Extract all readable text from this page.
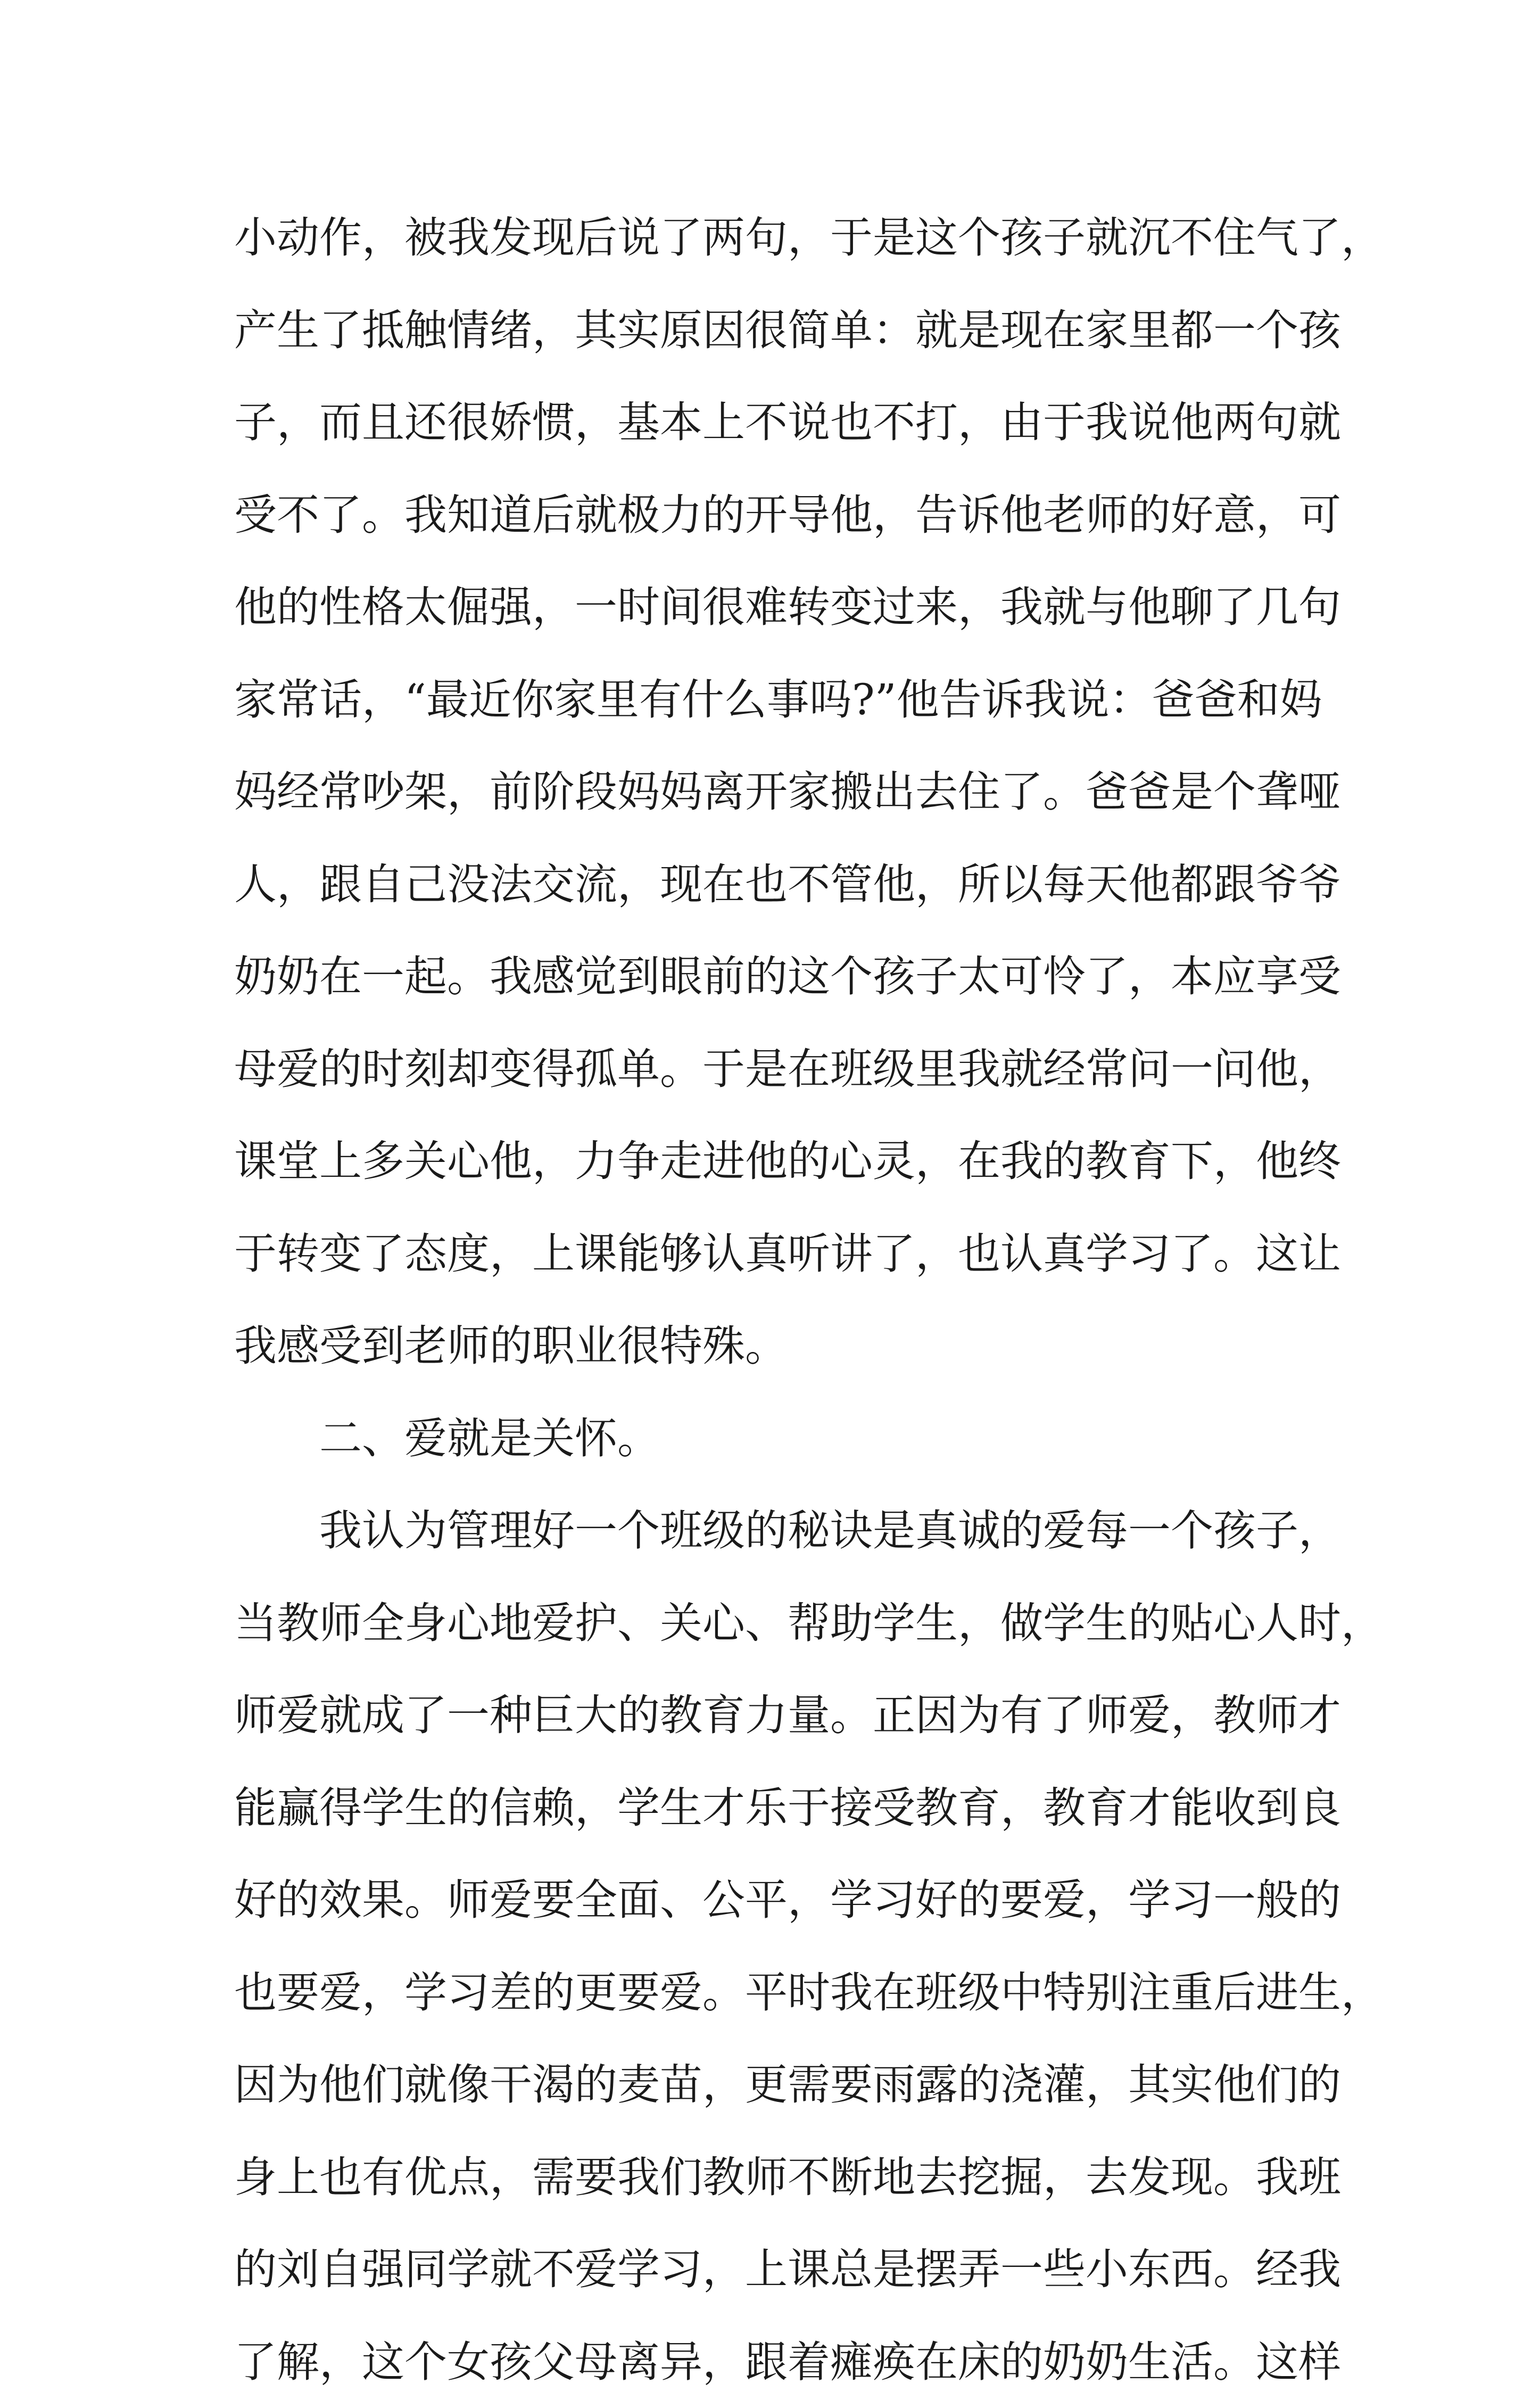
小动作，被我发现后说了两句，于是这个孩子就沉不住气了，
产生了抵触情绪，其实原因很简单：就是现在家里都一个孩
子，而且还很娇惯，基本上不说也不打，由于我说他两句就
受不了。我知道后就极力的开导他，告诉他老师的好意，可
他的性格太倔强，一时间很难转变过来，我就与他聊了几句
家常话，“最近你家里有什么事吗?”他告诉我说：爸爸和妈
妈经常吵架，前阶段妈妈离开家搬出去住了。爸爸是个聋哑
人，跟自己没法交流，现在也不管他，所以每天他都跟爷爷
奶奶在一起。我感觉到眼前的这个孩子太可怜了，本应享受
母爱的时刻却变得孤单。于是在班级里我就经常问一问他，
课堂上多关心他，力争走进他的心灵，在我的教育下，他终
于转变了态度，上课能够认真听讲了，也认真学习了。这让
我感受到老师的职业很特殊。
二、爱就是关怀。
我认为管理好一个班级的秘诀是真诚的爱每一个孩子，
当教师全身心地爱护、关心、帮助学生，做学生的贴心人时，
师爱就成了一种巨大的教育力量。正因为有了师爱，教师才
能赢得学生的信赖，学生才乐于接受教育，教育才能收到良
好的效果。师爱要全面、公平，学习好的要爱，学习一般的
也要爱，学习差的更要爱。平时我在班级中特别注重后进生，
因为他们就像干渴的麦苗，更需要雨露的浇灌，其实他们的
身上也有优点，需要我们教师不断地去挖掘，去发现。我班
的刘自强同学就不爱学习，上课总是摆弄一些小东西。经我
了解，这个女孩父母离异，跟着瘫痪在床的奶奶生活。这样
